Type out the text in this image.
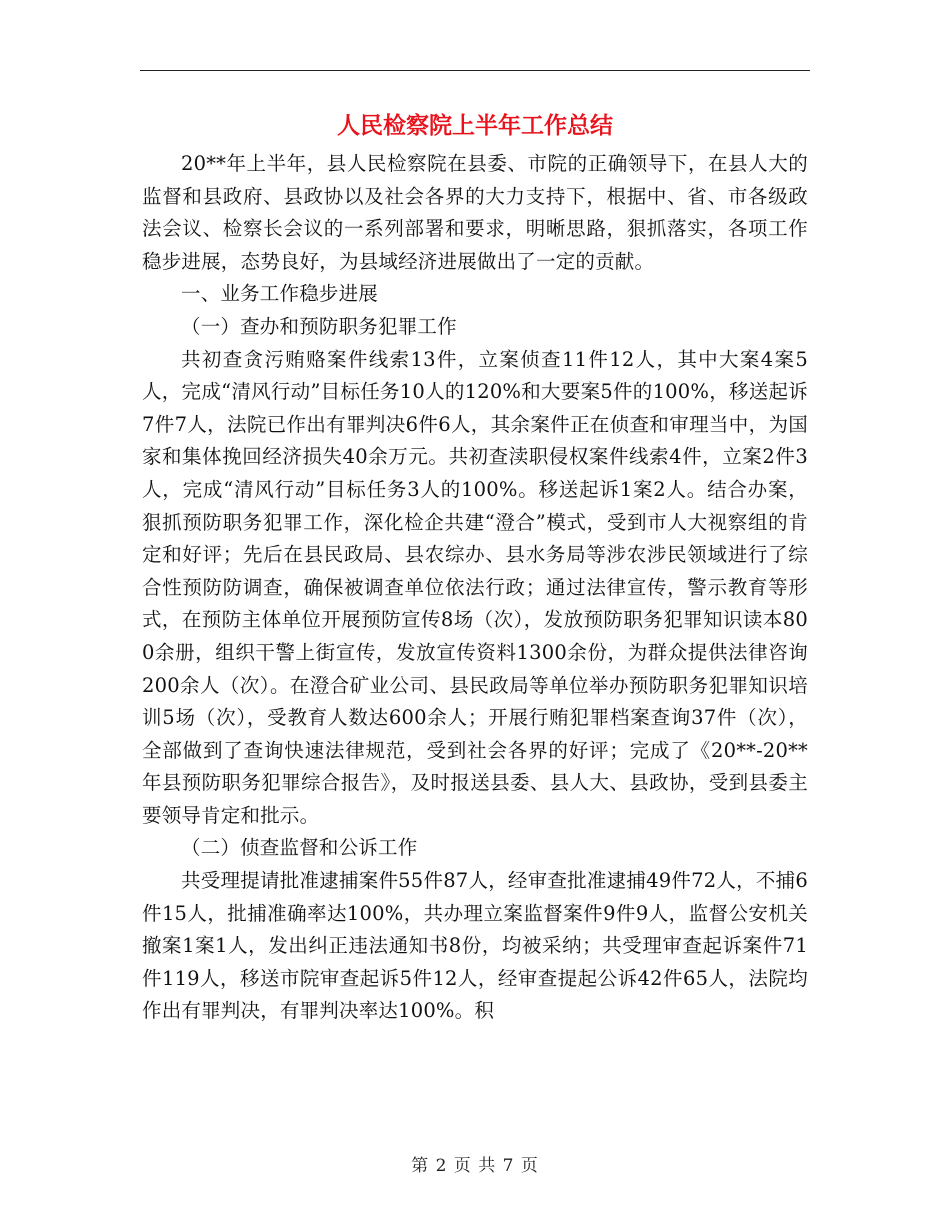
人民检察院上半年工作总结

20**年上半年，县人民检察院在县委、市院的正确领导下，在县人大的监督和县政府、县政协以及社会各界的大力支持下，根据中、省、市各级政法会议、检察长会议的一系列部署和要求，明晰思路，狠抓落实，各项工作稳步进展，态势良好，为县域经济进展做出了一定的贡献。

一、业务工作稳步进展

（一）查办和预防职务犯罪工作

共初查贪污贿赂案件线索13件，立案侦查11件12人，其中大案4案5人，完成“清风行动”目标任务10人的120%和大要案5件的100%，移送起诉7件7人，法院已作出有罪判决6件6人，其余案件正在侦查和审理当中，为国家和集体挽回经济损失40余万元。共初查渎职侵权案件线索4件，立案2件3人，完成“清风行动”目标任务3人的100%。移送起诉1案2人。结合办案，狠抓预防职务犯罪工作，深化检企共建“澄合”模式，受到市人大视察组的肯定和好评；先后在县民政局、县农综办、县水务局等涉农涉民领域进行了综合性预防防调查，确保被调查单位依法行政；通过法律宣传，警示教育等形式，在预防主体单位开展预防宣传8场（次），发放预防职务犯罪知识读本800余册，组织干警上街宣传，发放宣传资料1300余份，为群众提供法律咨询200余人（次）。在澄合矿业公司、县民政局等单位举办预防职务犯罪知识培训5场（次），受教育人数达600余人；开展行贿犯罪档案查询37件（次），全部做到了查询快速法律规范，受到社会各界的好评；完成了《20**-20**年县预防职务犯罪综合报告》，及时报送县委、县人大、县政协，受到县委主要领导肯定和批示。

（二）侦查监督和公诉工作

共受理提请批准逮捕案件55件87人，经审查批准逮捕49件72人，不捕6件15人，批捕准确率达100%，共办理立案监督案件9件9人，监督公安机关撤案1案1人，发出纠正违法通知书8份，均被采纳；共受理审查起诉案件71件119人，移送市院审查起诉5件12人，经审查提起公诉42件65人，法院均作出有罪判决，有罪判决率达100%。积

第 2 页 共 7 页
